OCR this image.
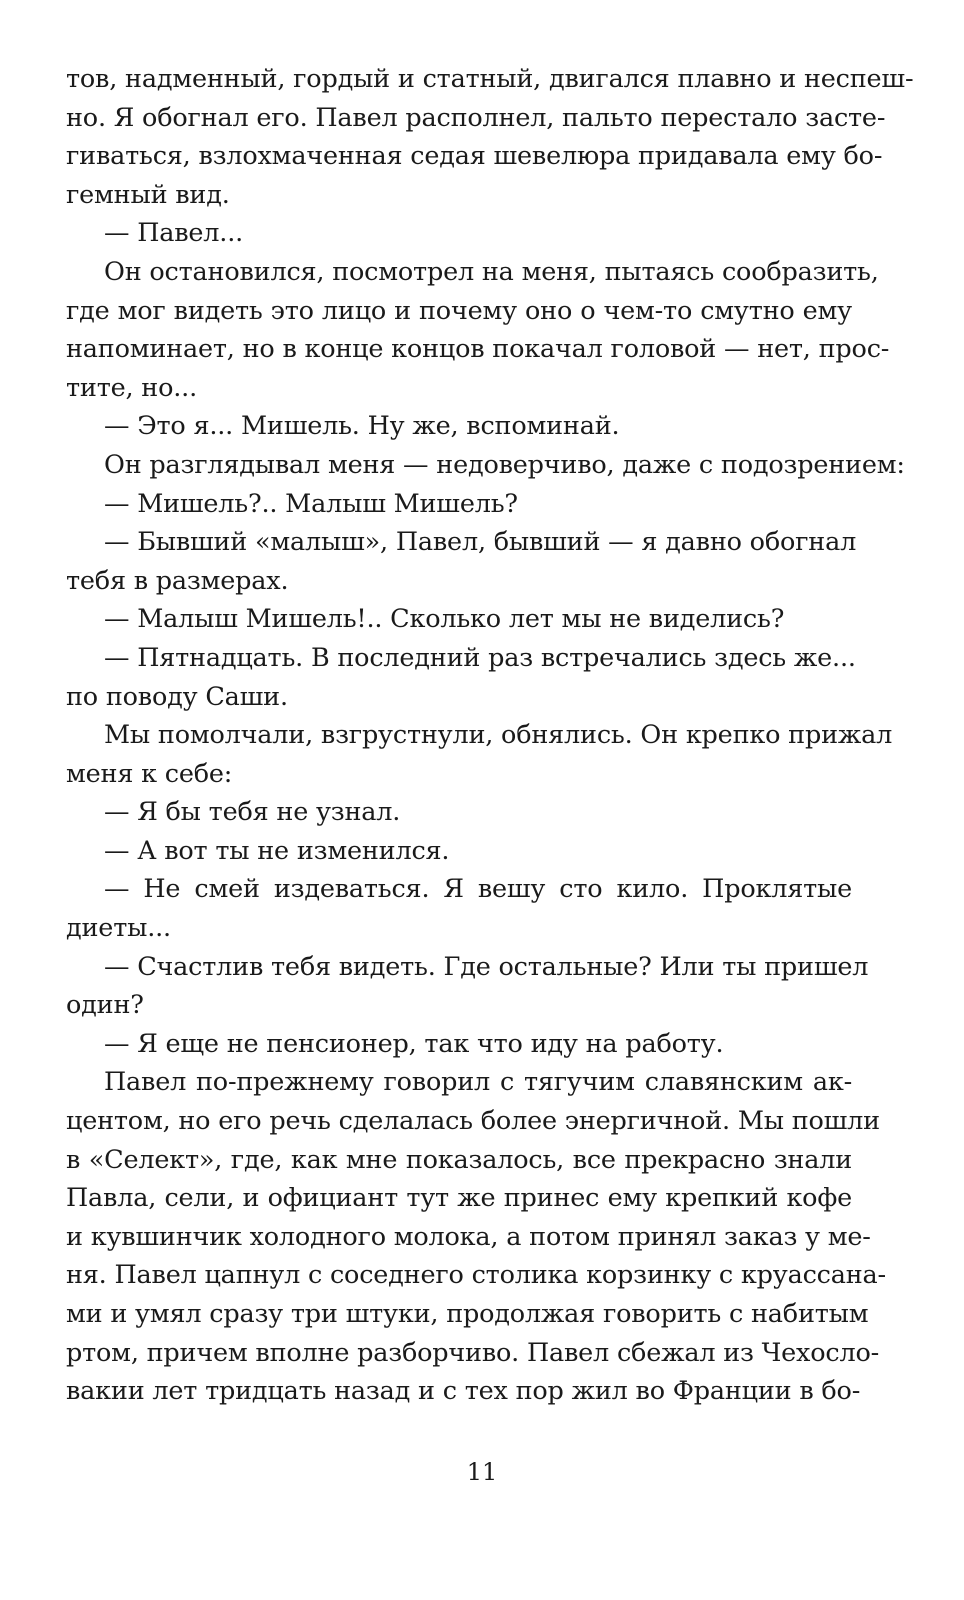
тов, надменный, гордый и статный, двигался плавно и неспеш-
но. Я обогнал его. Павел располнел, пальто перестало засте-
гиваться, взлохмаченная седая шевелюра придавала ему бо-
гемный вид.
— Павел...
Он остановился, посмотрел на меня, пытаясь сообразить,
где мог видеть это лицо и почему оно о чем-то смутно ему
напоминает, но в конце концов покачал головой — нет, прос-
тите, но...
— Это я... Мишель. Ну же, вспоминай.
Он разглядывал меня — недоверчиво, даже с подозрением:
— Мишель?.. Малыш Мишель?
— Бывший «малыш», Павел, бывший — я давно обогнал
тебя в размерах.
— Малыш Мишель!.. Сколько лет мы не виделись?
— Пятнадцать. В последний раз встречались здесь же...
по поводу Саши.
Мы помолчали, взгрустнули, обнялись. Он крепко прижал
меня к себе:
— Я бы тебя не узнал.
— А вот ты не изменился.
— Не смей издеваться. Я вешу сто кило. Проклятые
диеты...
— Счастлив тебя видеть. Где остальные? Или ты пришел
один?
— Я еще не пенсионер, так что иду на работу.
Павел по-прежнему говорил с тягучим славянским ак-
центом, но его речь сделалась более энергичной. Мы пошли
в «Селект», где, как мне показалось, все прекрасно знали
Павла, сели, и официант тут же принес ему крепкий кофе
и кувшинчик холодного молока, а потом принял заказ у ме-
ня. Павел цапнул с соседнего столика корзинку с круассана-
ми и умял сразу три штуки, продолжая говорить с набитым
ртом, причем вполне разборчиво. Павел сбежал из Чехосло-
вакии лет тридцать назад и с тех пор жил во Франции в бо-
11
